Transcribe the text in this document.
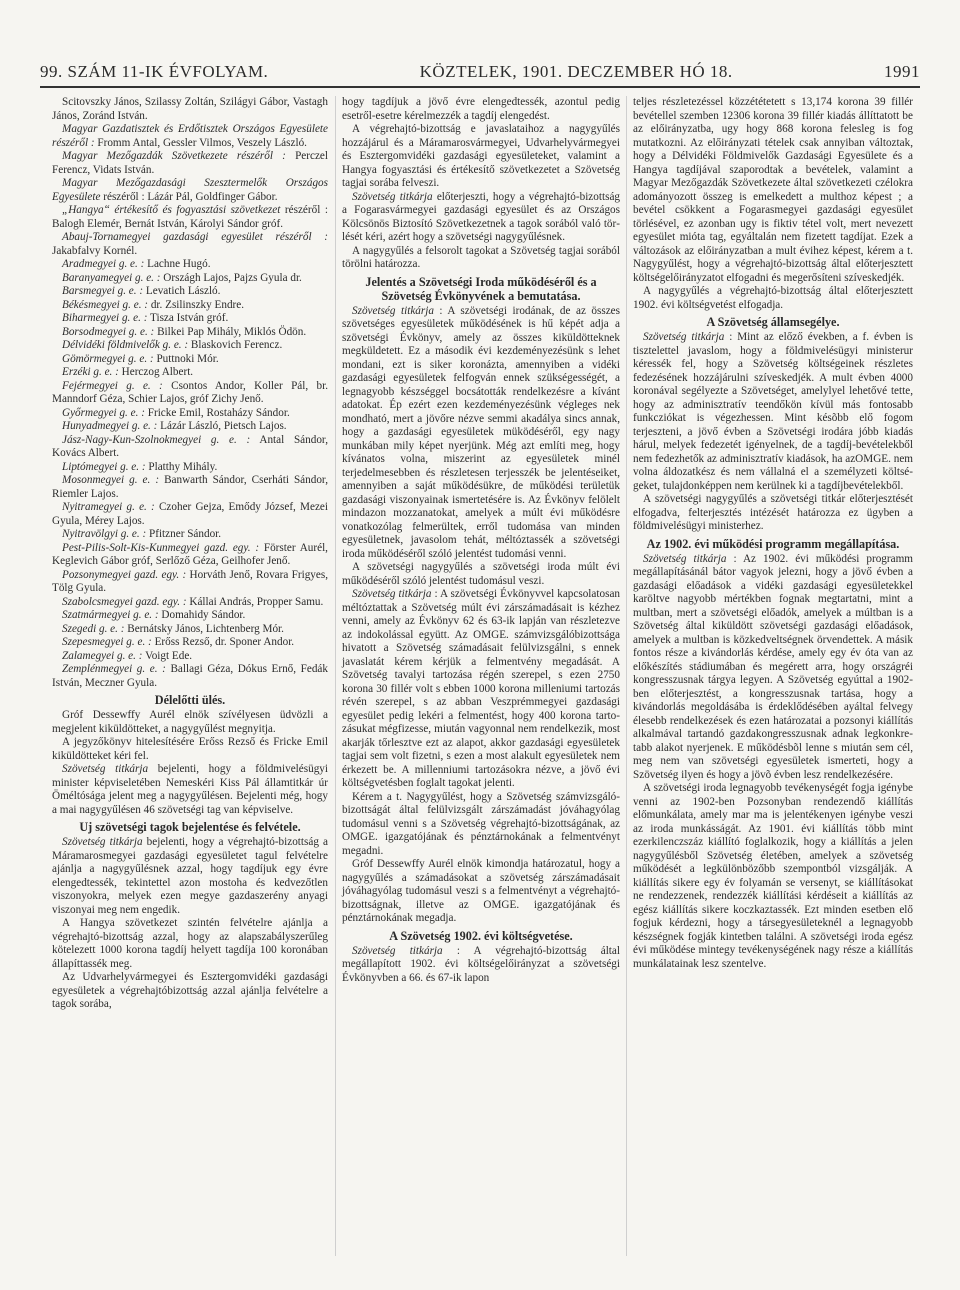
99. SZÁM 11-IK ÉVFOLYAM.	KÖZTELEK, 1901. DECZEMBER HÓ 18.	1991

Scitovszky János, Szilassy Zoltán, Szilágyi Gábor, Vastagh János, Zoránd István.

Magyar Gazdatisztek és Erdőtisztek Országos Egyesülete részéről : Fromm Antal, Gessler Vilmos, Veszely László.

Magyar Mezőgazdák Szövetkezete részéről : Perczel Ferencz, Vidats István.

Magyar Mezőgazdasági Szesztermelők Országos Egyesülete részéről : Lázár Pál, Goldfinger Gábor.

„Hangya“ értékesítő és fogyasztási szövetkezet részéről : Balogh Elemér, Bernát István, Károlyi Sándor gróf.

Abauj-Tornamegyei gazdasági egyesület részéről : Jakabfalvy Kornél.

Aradmegyei g. e. : Lachne Hugó.

Baranyamegyei g. e. : Országh Lajos, Pajzs Gyula dr.

Barsmegyei g. e. : Levatich László.

Békésmegyei g. e. : dr. Zsilinszky Endre.

Biharmegyei g. e. : Tisza István gróf.

Borsodmegyei g. e. : Bilkei Pap Mihály, Miklós Ödön.

Délvidéki földmivelők g. e. : Blaskovich Ferencz.

Gömörmegyei g. e. : Puttnoki Mór.

Erzéki g. e. : Herczog Albert.

Fejérmegyei g. e. : Csontos Andor, Koller Pál, br. Manndorf Géza, Schier Lajos, gróf Zichy Jenő.

Győrmegyei g. e. : Fricke Emil, Rostaházy Sándor.

Hunyadmegyei g. e. : Lázár László, Pietsch Lajos.

Jász-Nagy-Kun-Szolnokmegyei g. e. : Antal Sándor, Kovács Albert.

Liptómegyei g. e. : Platthy Mihály.

Mosonmegyei g. e. : Banwarth Sándor, Cserháti Sándor, Riemler Lajos.

Nyitramegyei g. e. : Czoher Gejza, Emődy József, Mezei Gyula, Mérey Lajos.

Nyitravölgyi g. e. : Pfitzner Sándor.

Pest-Pilis-Solt-Kis-Kunmegyei gazd. egy. : Förster Aurél, Keglevich Gábor gróf, Serlőző Géza, Geilhofer Jenő.

Pozsonymegyei gazd. egy. : Horváth Jenő, Rovara Frigyes, Tölg Gyula.

Szabolcsmegyei gazd. egy. : Kállai András, Propper Samu.

Szatmármegyei g. e. : Domahidy Sándor.

Szegedi g. e. : Bernátsky János, Lichtenberg Mór.

Szepesmegyei g. e. : Erőss Rezső, dr. Sponer Andor.

Zalamegyei g. e. : Voigt Ede.

Zemplénmegyei g. e. : Ballagi Géza, Dókus Ernő, Fedák István, Meczner Gyula.

Délelőtti ülés.

Gróf Dessewffy Aurél elnök szívélyesen üdvözli a megjelent kiküldötteket, a nagygyűlést megnyitja.

A jegyzőkönyv hitelesítésére Erőss Rezső és Fricke Emil kiküldötteket kéri fel.

Szövetség titkárja bejelenti, hogy a földmivelésügyi minister képviseletében Nemeskéri Kiss Pál államtitkár úr Öméltósága jelent meg a nagygyűlésen. Bejelenti még, hogy a mai nagygyűlésen 46 szövetségi tag van képviselve.

Uj szövetségi tagok bejelentése és felvétele.

Szövetség titkárja bejelenti, hogy a végrehajtó-bizottság a Máramarosmegyei gazdasági egyesületet tagul felvételre ajánlja a nagygyűlésnek azzal, hogy tagdíjuk egy évre elengedtessék, tekintettel azon mostoha és kedvezőtlen viszonyokra, melyek ezen megye gazdaszerény anyagi viszonyai meg nem engedik.

A Hangya szövetkezet szintén felvételre ajánlja a végrehajtó-bizottság azzal, hogy az alapszabályszerűleg kötelezett 1000 korona tagdíj helyett tagdíja 100 koronában állapíttassék meg.

Az Udvarhelyvármegyei és Esztergomvidéki gazdasági egyesületek a végrehajtóbizottság azzal ajánlja felvételre a tagok sorába,

hogy tagdíjuk a jövő évre elengedtessék, azontul pedig esetről-esetre kérelmezzék a tagdíj elengedést.

A végrehajtó-bizottság e javaslataihoz a nagygyűlés hozzájárul és a Máramarosvármegyei, Udvarhelyvármegyei és Esztergomvidéki gazdasági egyesületeket, valamint a Hangya fogyasztási és értékesítő szövetkezetet a Szövetség tagjai sorába felveszi.

Szövetség titkárja előterjeszti, hogy a végrehajtó-bizottság a Fogarasvármegyei gazdasági egyesület és az Országos Kölcsönös Biztosító Szövetkezetnek a tagok sorából való törlését kéri, azért hogy a szövetségi nagygyűlésnek.

A nagygyűlés a felsorolt tagokat a Szövetség tagjai sorából törölni határozza.

Jelentés a Szövetségi Iroda működéséről és a Szövetség Évkönyvének a bemutatása.

Szövetség titkárja : A szövetségi irodának, de az összes szövetséges egyesületek működésének is hű képét adja a szövetségi Évkönyv, amely az összes kiküldötteknek megküldetett. Ez a második évi kezdeményezésünk s lehet mondani, ezt is siker koronázta, amennyiben a vidéki gazdasági egyesületek felfogván ennek szükségességét, a legnagyobb készséggel bocsátották rendelkezésre a kívánt adatokat. Ép ezért ezen kezdeményezésünk végleges nek mondható, mert a jövőre nézve semmi akadálya sincs annak, hogy a gazdasági egyesületek müködéséről, egy nagy munkában mily képet nyerjünk. Még azt említi meg, hogy kívánatos volna, miszerint az egyesületek minél terjedelmesebben és részletesen terjesszék be jelentéseiket, amennyiben a saját működésükre, de működési területük gazdasági viszonyainak ismertetésére is. Az Évkönyv felölelt mindazon mozzanatokat, amelyek a múlt évi működésre vonatkozólag felmerültek, erről tudomása van minden egyesületnek, javasolom tehát, méltóztassék a szövetségi iroda működéséről szóló jelentést tudomási venni.

A szövetségi nagygyűlés a szövetségi iroda múlt évi működéséről szóló jelentést tudomásul veszi.

Szövetség titkárja : A szövetségi Évkönyvvel kapcsolatosan méltóztattak a Szövetség múlt évi zárszámadásait is kézhez venni, amely az Évkönyv 62 és 63-ik lapján van részletezve az indokolással együtt. Az OMGE. számvizsgálóbizottsága hivatott a Szövetség számadásait felülvizsgálni, s ennek javaslatát kérem kérjük a felmentvény megadását. A Szövetség tavalyi tartozása régén szerepel, s ezen 2750 korona 30 fillér volt s ebben 1000 korona milleniumi tartozás révén szerepel, s az abban Veszprémmegyei gazdasági egyesület pedig lekéri a felmentést, hogy 400 korona tartozásukat mégfizesse, miután vagyonnal nem rendelkezik, most akarják tőrlesztve ezt az alapot, akkor gazdasági egyesületek tagjai sem volt fizetni, s ezen a most alakult egyesületek nem érkezett be. A millenniumi tartozásokra nézve, a jövő évi költségvetésben foglalt tagokat jelenti.

Kérem a t. Nagygyűlést, hogy a Szövetség számvizsgáló-bizottságát által felülvizsgált zárszámadást jóváhagyólag tudomásul venni s a Szövetség végrehajtó-bizottságának, az OMGE. igazgatójának és pénztárnokának a felmentvényt megadni.

Gróf Dessewffy Aurél elnök kimondja határozatul, hogy a nagygyűlés a számadásokat a szövetség zárszámadásait jóváhagyólag tudomásul veszi s a felmentvényt a végrehajtó-bizottságnak, illetve az OMGE. igazgatójának és pénztárnokának megadja.

A Szövetség 1902. évi költségvetése.

Szövetség titkárja : A végrehajtó-bizottság által megállapított 1902. évi költségelőirányzat a szövetségi Évkönyvben a 66. és 67-ik lapon

teljes részletezéssel közzététetett s 13,174 korona 39 fillér bevétellel szemben 12306 korona 39 fillér kiadás állíttatott be az előirányzatba, ugy hogy 868 korona felesleg is fog mutatkozni. Az előirányzati tételek csak annyiban változtak, hogy a Délvidéki Földmivelők Gazdasági Egyesülete és a Hangya tagdíjával szaporodtak a bevételek, valamint a Magyar Mezőgazdák Szövetkezete által szövetkezeti czélokra adományozott összeg is emelkedett a multhoz képest ; a bevétel csökkent a Fogarasmegyei gazdasági egyesület törlésével, ez azonban ugy is fiktiv tétel volt, mert nevezett egyesület mióta tag, egyáltalán nem fizetett tagdíjat. Ezek a változások az előirányzatban a mult évihez képest, kérem a t. Nagygyűlést, hogy a végrehajtó-bizottság által előterjesztett költségelőirányzatot elfogadni és megerősíteni szíveskedjék.

A nagygyűlés a végrehajtó-bizottság által előterjesztett 1902. évi költségvetést elfogadja.

A Szövetség államsegélye.

Szövetség titkárja : Mint az előző években, a f. évben is tisztelettel javaslom, hogy a földmivelésügyi ministerur kéressék fel, hogy a Szövetség költségeinek részletes fedezésének hozzájárulni szíveskedjék. A mult évben 4000 koronával segélyezte a Szövetséget, amelylyel lehetővé tette, hogy az adminisztratív teendőkön kívül más fontosabb funkcziókat is végezhessen. Mint késõbb elő fogom terjeszteni, a jövő évben a Szövetségi irodára jóbb kiadás hárul, melyek fedezetét igényelnek, de a tagdíj-bevételekből nem fedezhetők az adminisztratív kiadások, ha azOMGE. nem volna áldozatkész és nem vállalná el a személyzeti költségeket, tulajdonképpen nem kerülnek ki a tagdíjbevételekből.

A szövetségi nagygyűlés a szövetségi titkár előterjesztését elfogadva, felterjesztés intézését határozza ez ügyben a földmivelésügyi ministerhez.

Az 1902. évi működési programm megállapítása.

Szövetség titkárja : Az 1902. évi működési programm megállapításánál bátor vagyok jelezni, hogy a jövő évben a gazdasági előadások a vidéki gazdasági egyesületekkel karöltve nagyobb mértékben fognak megtartatni, mint a multban, mert a szövetségi előadók, amelyek a múltban is a Szövetség által kiküldött szövetségi gazdasági előadások, amelyek a multban is közkedveltségnek örvendettek. A másik fontos része a kivándorlás kérdése, amely egy év óta van az előkészítés stádiumában és megérett arra, hogy országréi kongresszusnak tárgya legyen. A Szövetség egyúttal a 1902-ben előterjesztést, a kongresszusnak tartása, hogy a kivándorlás megoldásába is érdeklődésében ayáltal felvegy élesebb rendelkezések és ezen határozatai a pozsonyi kiállítás alkalmával tartandó gazdakongresszusnak adnak legkonkretabb alakot nyerjenek. E működésbõl lenne s miután sem cél, meg nem van szövetségi egyesületek ismerteti, hogy a Szövetség ilyen és hogy a jövõ évben lesz rendelkezésére.

A szövetségi iroda legnagyobb tevékenységét fogja igénybe venni az 1902-ben Pozsonyban rendezendő kiállítás előmunkálata, amely mar ma is jelentékenyen igénybe veszi az iroda munkásságát. Az 1901. évi kiállítás több mint ezerkilenczszáz kiállító foglalkozik, hogy a kiállítás a jelen nagygyűlésből Szövetség életében, amelyek a szövetség működését a legkülönbözőbb szempontból vizsgálják. A kiállítás sikere egy év folyamán se versenyt, se kiállításokat ne rendezzenek, rendezzék kiállítási kérdéseit a kiállítás az egész kiállítás sikere koczkaztassék. Ezt minden esetben elő fogjuk kérdezni, hogy a társegyesületeknél a legnagyobb készségnek fogják kintetben találni. A szövetségi iroda egész évi működése mintegy tevékenységének nagy része a kiállítás munkálatainak lesz szentelve.
